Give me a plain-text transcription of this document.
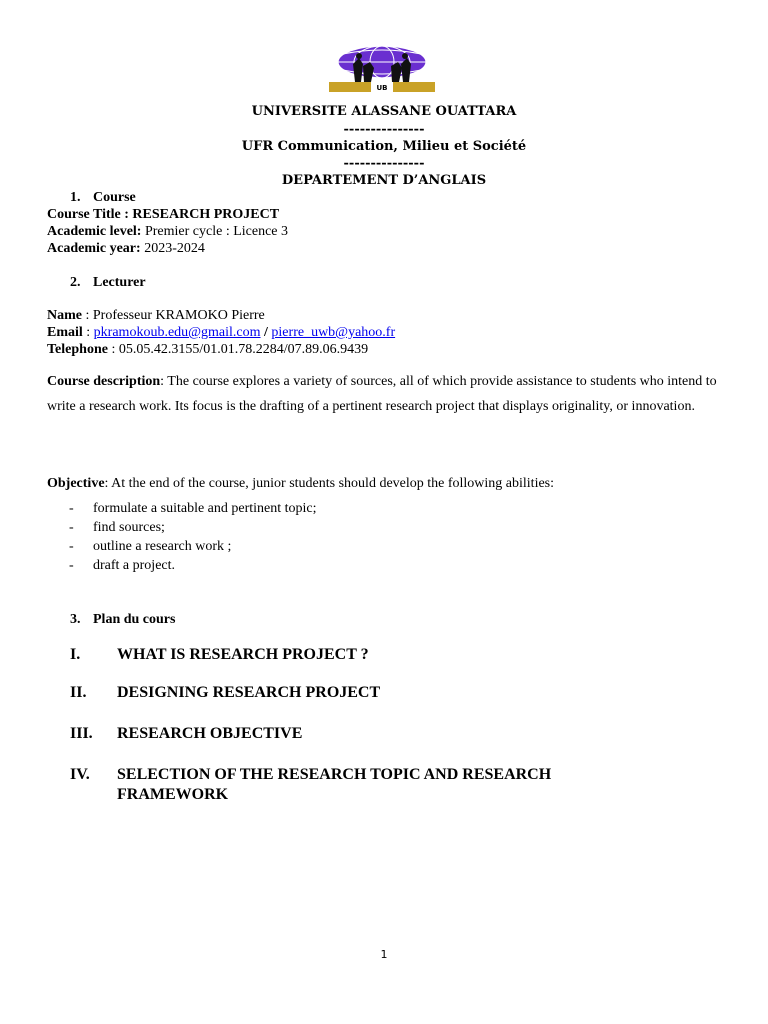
UB
UNIVERSITE ALASSANE OUATTARA
---------------
UFR Communication, Milieu et Société
---------------
DEPARTEMENT D’ANGLAIS
1. Course
Course Title : RESEARCH PROJECT
Academic level: Premier cycle : Licence 3
Academic year: 2023-2024
2. Lecturer
Name : Professeur KRAMOKO Pierre
Email : pkramokoub.edu@gmail.com / pierre_uwb@yahoo.fr
Telephone : 05.05.42.3155/01.01.78.2284/07.89.06.9439
Course description: The course explores a variety of sources, all of which provide assistance to students who intend to write a research work. Its focus is the drafting of a pertinent research project that displays originality, or innovation.
Objective: At the end of the course, junior students should develop the following abilities:
- formulate a suitable and pertinent topic;
- find sources;
- outline a research work ;
- draft a project.
3. Plan du cours
I. WHAT IS RESEARCH PROJECT ?
II. DESIGNING RESEARCH PROJECT
III. RESEARCH OBJECTIVE
IV. SELECTION OF THE RESEARCH TOPIC AND RESEARCH FRAMEWORK
1
